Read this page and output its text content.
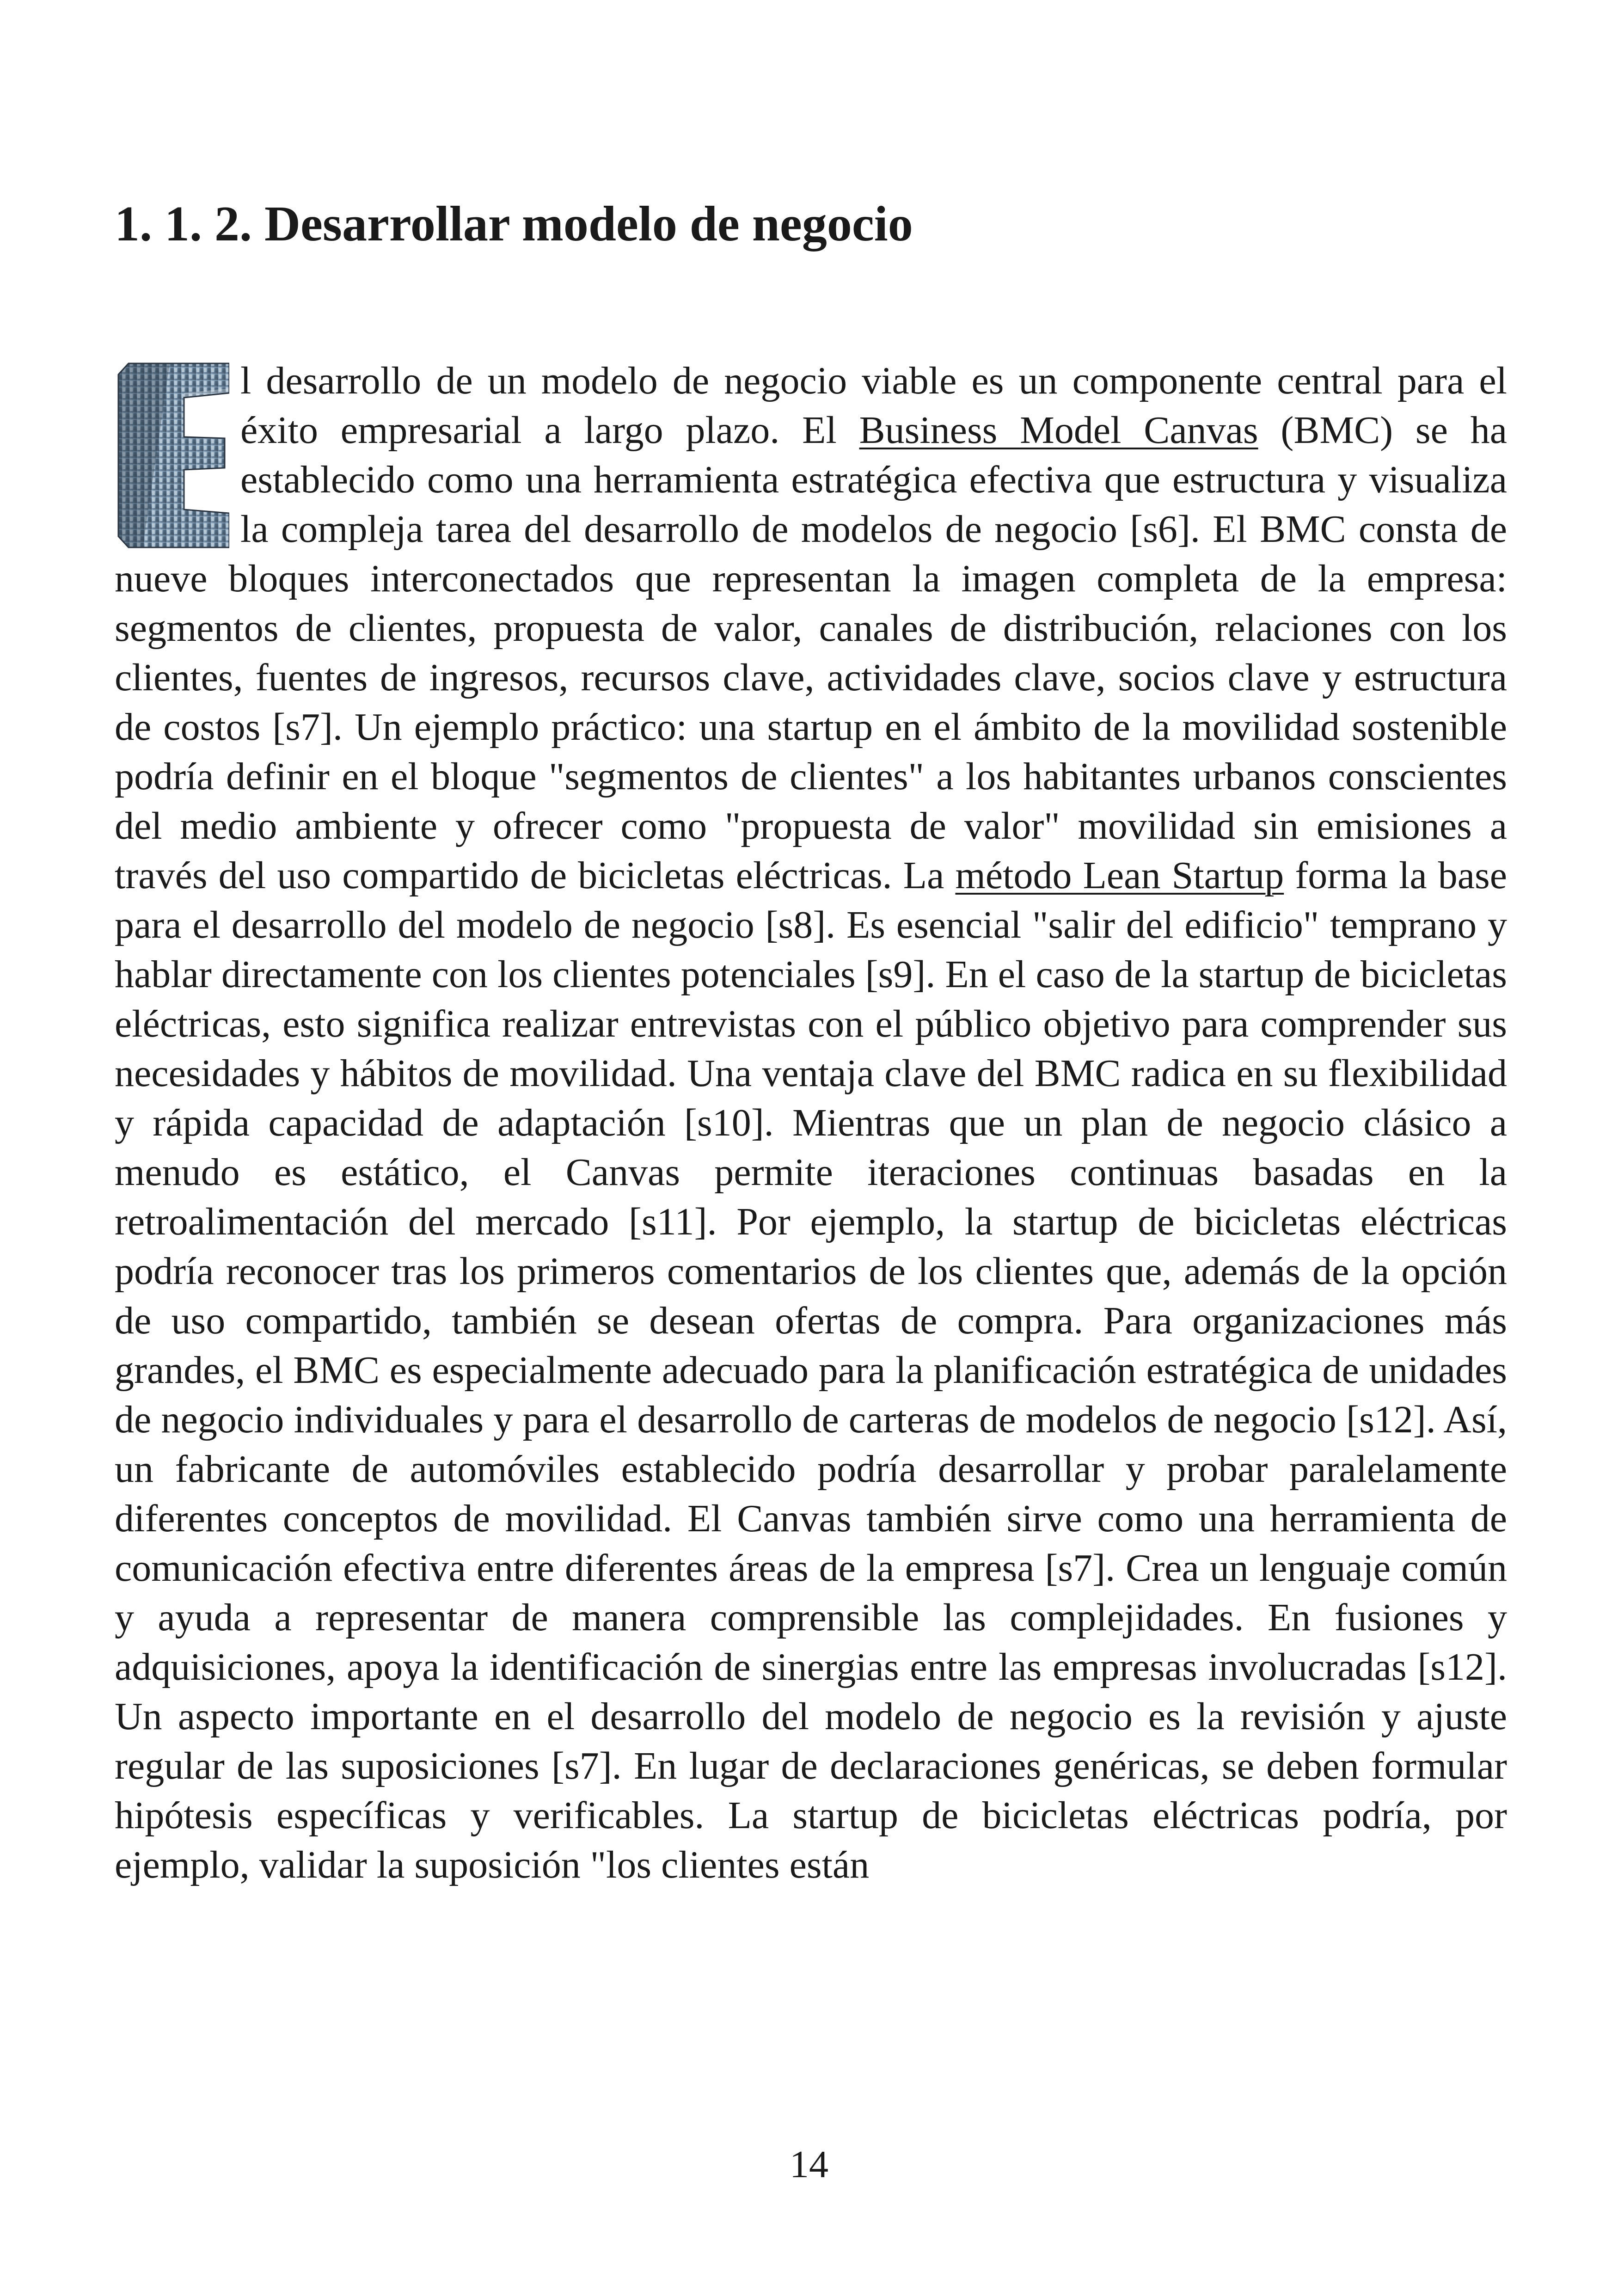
1. 1. 2. Desarrollar modelo de negocio

l desarrollo de un modelo de negocio viable es un componente central para el éxito empresarial a largo plazo. El Business Model Canvas (BMC) se ha establecido como una herramienta estratégica efectiva que estructura y visualiza la compleja tarea del desarrollo de modelos de negocio [s6]. El BMC consta de nueve bloques interconectados que representan la imagen completa de la empresa: segmentos de clientes, propuesta de valor, canales de distribución, relaciones con los clientes, fuentes de ingresos, recursos clave, actividades clave, socios clave y estructura de costos [s7]. Un ejemplo práctico: una startup en el ámbito de la movilidad sostenible podría definir en el bloque "segmentos de clientes" a los habitantes urbanos conscientes del medio ambiente y ofrecer como "propuesta de valor" movilidad sin emisiones a través del uso compartido de bicicletas eléctricas. La método Lean Startup forma la base para el desarrollo del modelo de negocio [s8]. Es esencial "salir del edificio" temprano y hablar directamente con los clientes potenciales [s9]. En el caso de la startup de bicicletas eléctricas, esto significa realizar entrevistas con el público objetivo para comprender sus necesidades y hábitos de movilidad. Una ventaja clave del BMC radica en su flexibilidad y rápida capacidad de adaptación [s10]. Mientras que un plan de negocio clásico a menudo es estático, el Canvas permite iteraciones continuas basadas en la retroalimentación del mercado [s11]. Por ejemplo, la startup de bicicletas eléctricas podría reconocer tras los primeros comentarios de los clientes que, además de la opción de uso compartido, también se desean ofertas de compra. Para organizaciones más grandes, el BMC es especialmente adecuado para la planificación estratégica de unidades de negocio individuales y para el desarrollo de carteras de modelos de negocio [s12]. Así, un fabricante de automóviles establecido podría desarrollar y probar paralelamente diferentes conceptos de movilidad. El Canvas también sirve como una herramienta de comunicación efectiva entre diferentes áreas de la empresa [s7]. Crea un lenguaje común y ayuda a representar de manera comprensible las complejidades. En fusiones y adquisiciones, apoya la identificación de sinergias entre las empresas involucradas [s12]. Un aspecto importante en el desarrollo del modelo de negocio es la revisión y ajuste regular de las suposiciones [s7]. En lugar de declaraciones genéricas, se deben formular hipótesis específicas y verificables. La startup de bicicletas eléctricas podría, por ejemplo, validar la suposición "los clientes están

14
